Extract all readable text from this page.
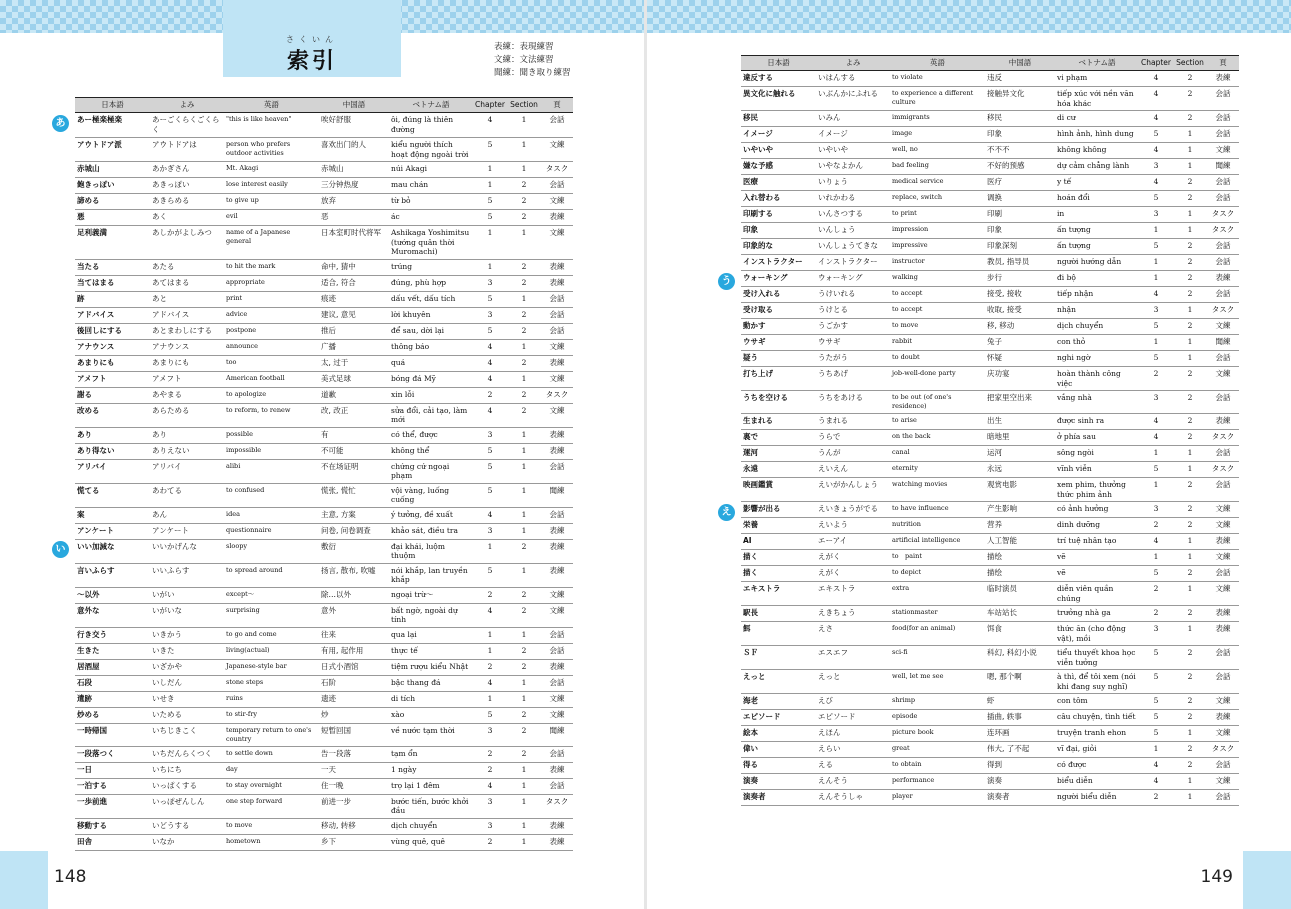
さくいん
索引
表練：表現練習
文練：文法練習
聞練：聞き取り練習
日本語	よみ	英語	中国語	ベトナム語	Chapter	Section	頁
あー極楽極楽	あーごくらくごくらく	"this is like heaven"	唉好舒服	ôi, đúng là thiên đường	4	1	会話
アウトドア派	アウトドアは	person who prefers outdoor activities	喜欢出门的人	kiểu người thích hoạt động ngoài trời	5	1	文練
赤城山	あかぎさん	Mt. Akagi	赤城山	núi Akagi	1	1	タスク
飽きっぽい	あきっぽい	lose interest easily	三分钟热度	mau chán	1	2	会話
諦める	あきらめる	to give up	放弃	từ bỏ	5	2	文練
悪	あく	evil	恶	ác	5	2	表練
足利義満	あしかがよしみつ	name of a Japanese general	日本室町时代将军	Ashikaga Yoshimitsu (tướng quân thời Muromachi)	1	1	文練
当たる	あたる	to hit the mark	命中, 猜中	trúng	1	2	表練
当てはまる	あてはまる	appropriate	适合, 符合	đúng, phù hợp	3	2	表練
跡	あと	print	痕迹	dấu vết, dấu tích	5	1	会話
アドバイス	アドバイス	advice	建议, 意见	lời khuyên	3	2	会話
後回しにする	あとまわしにする	postpone	推后	để sau, dời lại	5	2	会話
アナウンス	アナウンス	announce	广播	thông báo	4	1	文練
あまりにも	あまりにも	too	太, 过于	quá	4	2	表練
アメフト	アメフト	American football	美式足球	bóng đá Mỹ	4	1	文練
謝る	あやまる	to apologize	道歉	xin lỗi	2	2	タスク
改める	あらためる	to reform, to renew	改, 改正	sửa đổi, cải tạo, làm mới	4	2	文練
あり	あり	possible	有	có thể, được	3	1	表練
あり得ない	ありえない	impossible	不可能	không thể	5	1	表練
アリバイ	アリバイ	alibi	不在场证明	chứng cứ ngoại phạm	5	1	会話
慌てる	あわてる	to confused	慌张, 慌忙	vội vàng, luống cuống	5	1	聞練
案	あん	idea	主意, 方案	ý tưởng, đề xuất	4	1	会話
アンケート	アンケート	questionnaire	问卷, 问卷调查	khảo sát, điều tra	3	1	表練
いい加減な	いいかげんな	sloopy	敷衍	đại khái, luộm thuộm	1	2	表練
言いふらす	いいふらす	to spread around	扬言, 散布, 吹嘘	nói khắp, lan truyền khắp	5	1	表練
～以外	いがい	except～	除…以外	ngoại trừ～	2	2	文練
意外な	いがいな	surprising	意外	bất ngờ, ngoài dự tính	4	2	文練
行き交う	いきかう	to go and come	往来	qua lại	1	1	会話
生きた	いきた	living(actual)	有用, 起作用	thực tế	1	2	会話
居酒屋	いざかや	Japanese-style bar	日式小酒馆	tiệm rượu kiểu Nhật	2	2	表練
石段	いしだん	stone steps	石阶	bậc thang đá	4	1	会話
遺跡	いせき	ruins	遗迹	di tích	1	1	文練
炒める	いためる	to stir-fry	炒	xào	5	2	文練
一時帰国	いちじきこく	temporary return to one's country	短暂回国	về nước tạm thời	3	2	聞練
一段落つく	いちだんらくつく	to settle down	告一段落	tạm ổn	2	2	会話
一日	いちにち	day	一天	1 ngày	2	1	表練
一泊する	いっぱくする	to stay overnight	住一晚	trọ lại 1 đêm	4	1	会話
一歩前進	いっぽぜんしん	one step forward	前进一步	bước tiến, bước khởi đầu	3	1	タスク
移動する	いどうする	to move	移动, 转移	dịch chuyển	3	1	表練
田舎	いなか	hometown	乡下	vùng quê, quê	2	1	表練
148
あ
い
日本語	よみ	英語	中国語	ベトナム語	Chapter	Section	頁
違反する	いはんする	to violate	违反	vi phạm	4	2	表練
異文化に触れる	いぶんかにふれる	to experience a different culture	接触异文化	tiếp xúc với nền văn hóa khác	4	2	会話
移民	いみん	immigrants	移民	di cư	4	2	会話
イメージ	イメージ	image	印象	hình ảnh, hình dung	5	1	会話
いやいや	いやいや	well, no	不不不	không không	4	1	文練
嫌な予感	いやなよかん	bad feeling	不好的预感	dự cảm chẳng lành	3	1	聞練
医療	いりょう	medical service	医疗	y tế	4	2	会話
入れ替わる	いれかわる	replace, switch	调换	hoán đổi	5	2	会話
印刷する	いんさつする	to print	印刷	in	3	1	タスク
印象	いんしょう	impression	印象	ấn tượng	1	1	タスク
印象的な	いんしょうてきな	impressive	印象深刻	ấn tượng	5	2	会話
インストラクター	インストラクター	instructor	教员, 指导员	người hướng dẫn	1	2	会話
ウォーキング	ウォーキング	walking	步行	đi bộ	1	2	表練
受け入れる	うけいれる	to accept	接受, 接收	tiếp nhận	4	2	会話
受け取る	うけとる	to accept	收取, 接受	nhận	3	1	タスク
動かす	うごかす	to move	移, 移动	dịch chuyển	5	2	文練
ウサギ	ウサギ	rabbit	兔子	con thỏ	1	1	聞練
疑う	うたがう	to doubt	怀疑	nghi ngờ	5	1	会話
打ち上げ	うちあげ	job-well-done party	庆功宴	hoàn thành công việc	2	2	文練
うちを空ける	うちをあける	to be out (of one's residence)	把家里空出来	vắng nhà	3	2	会話
生まれる	うまれる	to arise	出生	được sinh ra	4	2	表練
裏で	うらで	on the back	暗地里	ở phía sau	4	2	タスク
運河	うんが	canal	运河	sông ngòi	1	1	会話
永遠	えいえん	eternity	永远	vĩnh viễn	5	1	タスク
映画鑑賞	えいがかんしょう	watching movies	观赏电影	xem phim, thưởng thức phim ảnh	1	2	会話
影響が出る	えいきょうがでる	to have influence	产生影响	có ảnh hưởng	3	2	文練
栄養	えいよう	nutrition	营养	dinh dưỡng	2	2	文練
AI	エーアイ	artificial intelligence	人工智能	trí tuệ nhân tạo	4	1	表練
描く	えがく	to　paint	描绘	vẽ	1	1	文練
描く	えがく	to depict	描绘	vẽ	5	2	会話
エキストラ	エキストラ	extra	临时演员	diễn viên quần chúng	2	1	文練
駅長	えきちょう	stationmaster	车站站长	trưởng nhà ga	2	2	表練
餌	えさ	food(for an animal)	饵食	thức ăn (cho động vật), mồi	3	1	表練
ＳＦ	エスエフ	sci-fi	科幻, 科幻小说	tiểu thuyết khoa học viễn tưởng	5	2	会話
えっと	えっと	well, let me see	嗯, 那个啊	à thì, để tôi xem (nói khi đang suy nghĩ)	5	2	会話
海老	えび	shrimp	虾	con tôm	5	2	文練
エピソード	エピソード	episode	插曲, 轶事	câu chuyện, tình tiết	5	2	表練
絵本	えほん	picture book	连环画	truyện tranh ehon	5	1	文練
偉い	えらい	great	伟大, 了不起	vĩ đại, giỏi	1	2	タスク
得る	える	to obtain	得到	có được	4	2	会話
演奏	えんそう	performance	演奏	biểu diễn	4	1	文練
演奏者	えんそうしゃ	player	演奏者	người biểu diễn	2	1	会話
149
う
え
